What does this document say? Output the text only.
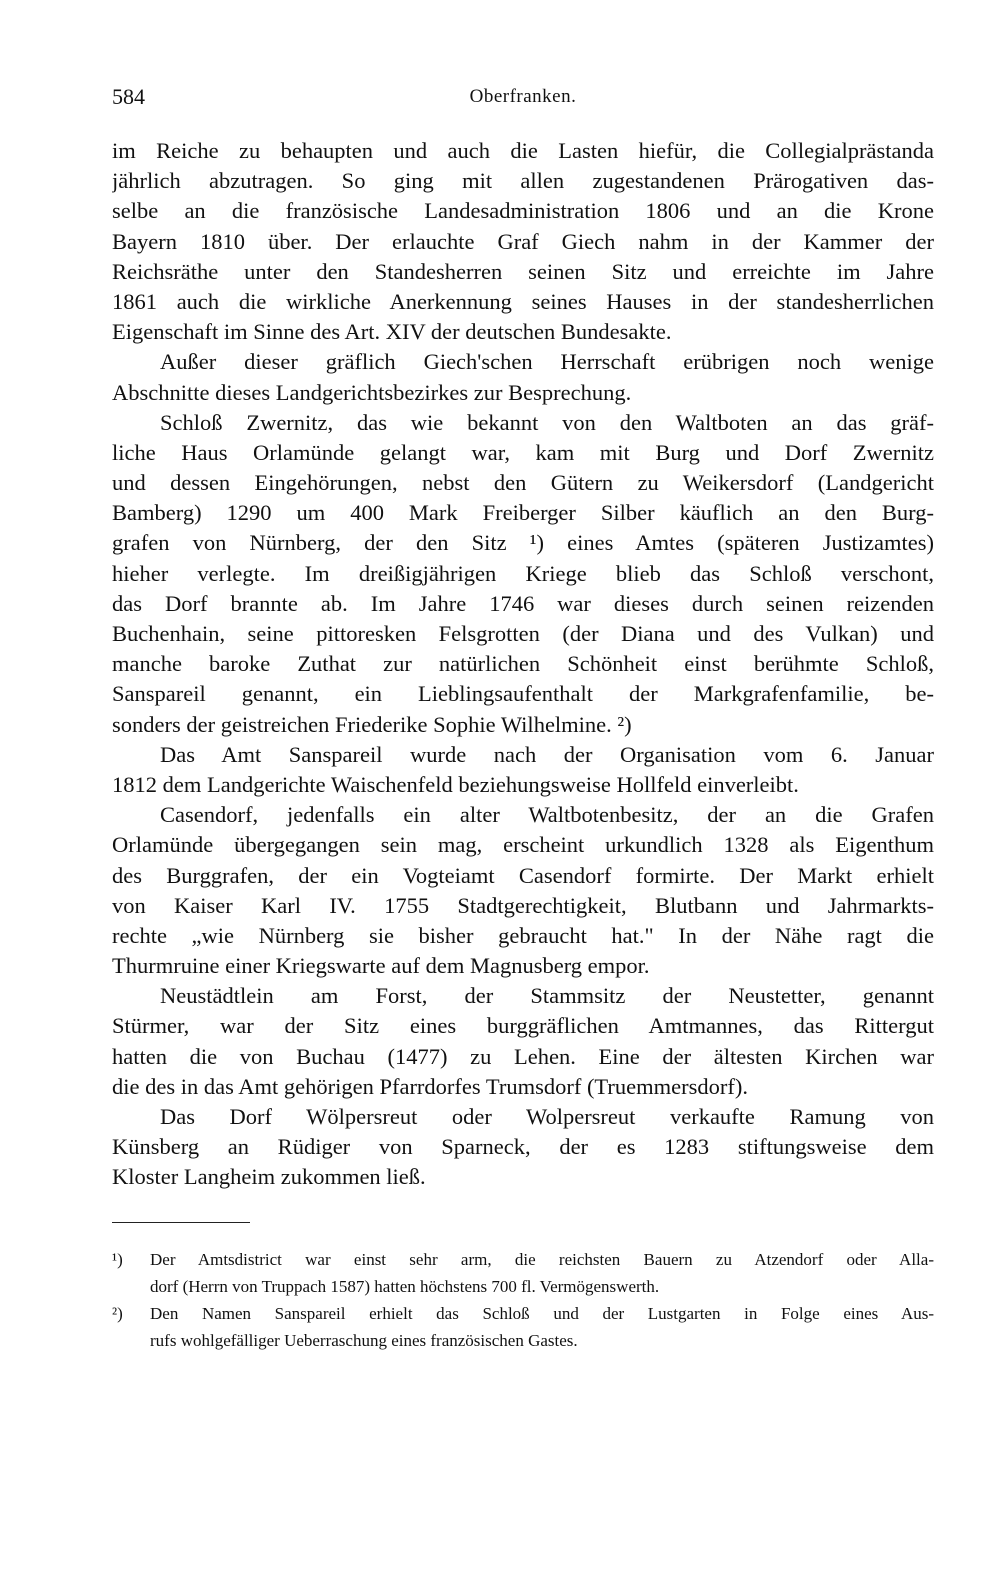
584	Oberfranken.
im Reiche zu behaupten und auch die Lasten hiefür, die Collegialprästanda
jährlich abzutragen. So ging mit allen zugestandenen Prärogativen das-
selbe an die französische Landesadministration 1806 und an die Krone
Bayern 1810 über. Der erlauchte Graf Giech nahm in der Kammer der
Reichsräthe unter den Standesherren seinen Sitz und erreichte im Jahre
1861 auch die wirkliche Anerkennung seines Hauses in der standesherrlichen
Eigenschaft im Sinne des Art. XIV der deutschen Bundesakte.
Außer dieser gräflich Giech'schen Herrschaft erübrigen noch wenige
Abschnitte dieses Landgerichtsbezirkes zur Besprechung.
Schloß Zwernitz, das wie bekannt von den Waltboten an das gräf-
liche Haus Orlamünde gelangt war, kam mit Burg und Dorf Zwernitz
und dessen Eingehörungen, nebst den Gütern zu Weikersdorf (Landgericht
Bamberg) 1290 um 400 Mark Freiberger Silber käuflich an den Burg-
grafen von Nürnberg, der den Sitz ¹) eines Amtes (späteren Justizamtes)
hieher verlegte. Im dreißigjährigen Kriege blieb das Schloß verschont,
das Dorf brannte ab. Im Jahre 1746 war dieses durch seinen reizenden
Buchenhain, seine pittoresken Felsgrotten (der Diana und des Vulkan) und
manche baroke Zuthat zur natürlichen Schönheit einst berühmte Schloß,
Sanspareil genannt, ein Lieblingsaufenthalt der Markgrafenfamilie, be-
sonders der geistreichen Friederike Sophie Wilhelmine. ²)
Das Amt Sanspareil wurde nach der Organisation vom 6. Januar
1812 dem Landgerichte Waischenfeld beziehungsweise Hollfeld einverleibt.
Casendorf, jedenfalls ein alter Waltbotenbesitz, der an die Grafen
Orlamünde übergegangen sein mag, erscheint urkundlich 1328 als Eigenthum
des Burggrafen, der ein Vogteiamt Casendorf formirte. Der Markt erhielt
von Kaiser Karl IV. 1755 Stadtgerechtigkeit, Blutbann und Jahrmarkts-
rechte „wie Nürnberg sie bisher gebraucht hat." In der Nähe ragt die
Thurmruine einer Kriegswarte auf dem Magnusberg empor.
Neustädtlein am Forst, der Stammsitz der Neustetter, genannt
Stürmer, war der Sitz eines burggräflichen Amtmannes, das Rittergut
hatten die von Buchau (1477) zu Lehen. Eine der ältesten Kirchen war
die des in das Amt gehörigen Pfarrdorfes Trumsdorf (Truemmersdorf).
Das Dorf Wölpersreut oder Wolpersreut verkaufte Ramung von
Künsberg an Rüdiger von Sparneck, der es 1283 stiftungsweise dem
Kloster Langheim zukommen ließ.
¹) Der Amtsdistrict war einst sehr arm, die reichsten Bauern zu Atzendorf oder Alla-
dorf (Herrn von Truppach 1587) hatten höchstens 700 fl. Vermögenswerth.
²) Den Namen Sanspareil erhielt das Schloß und der Lustgarten in Folge eines Aus-
rufs wohlgefälliger Ueberraschung eines französischen Gastes.
